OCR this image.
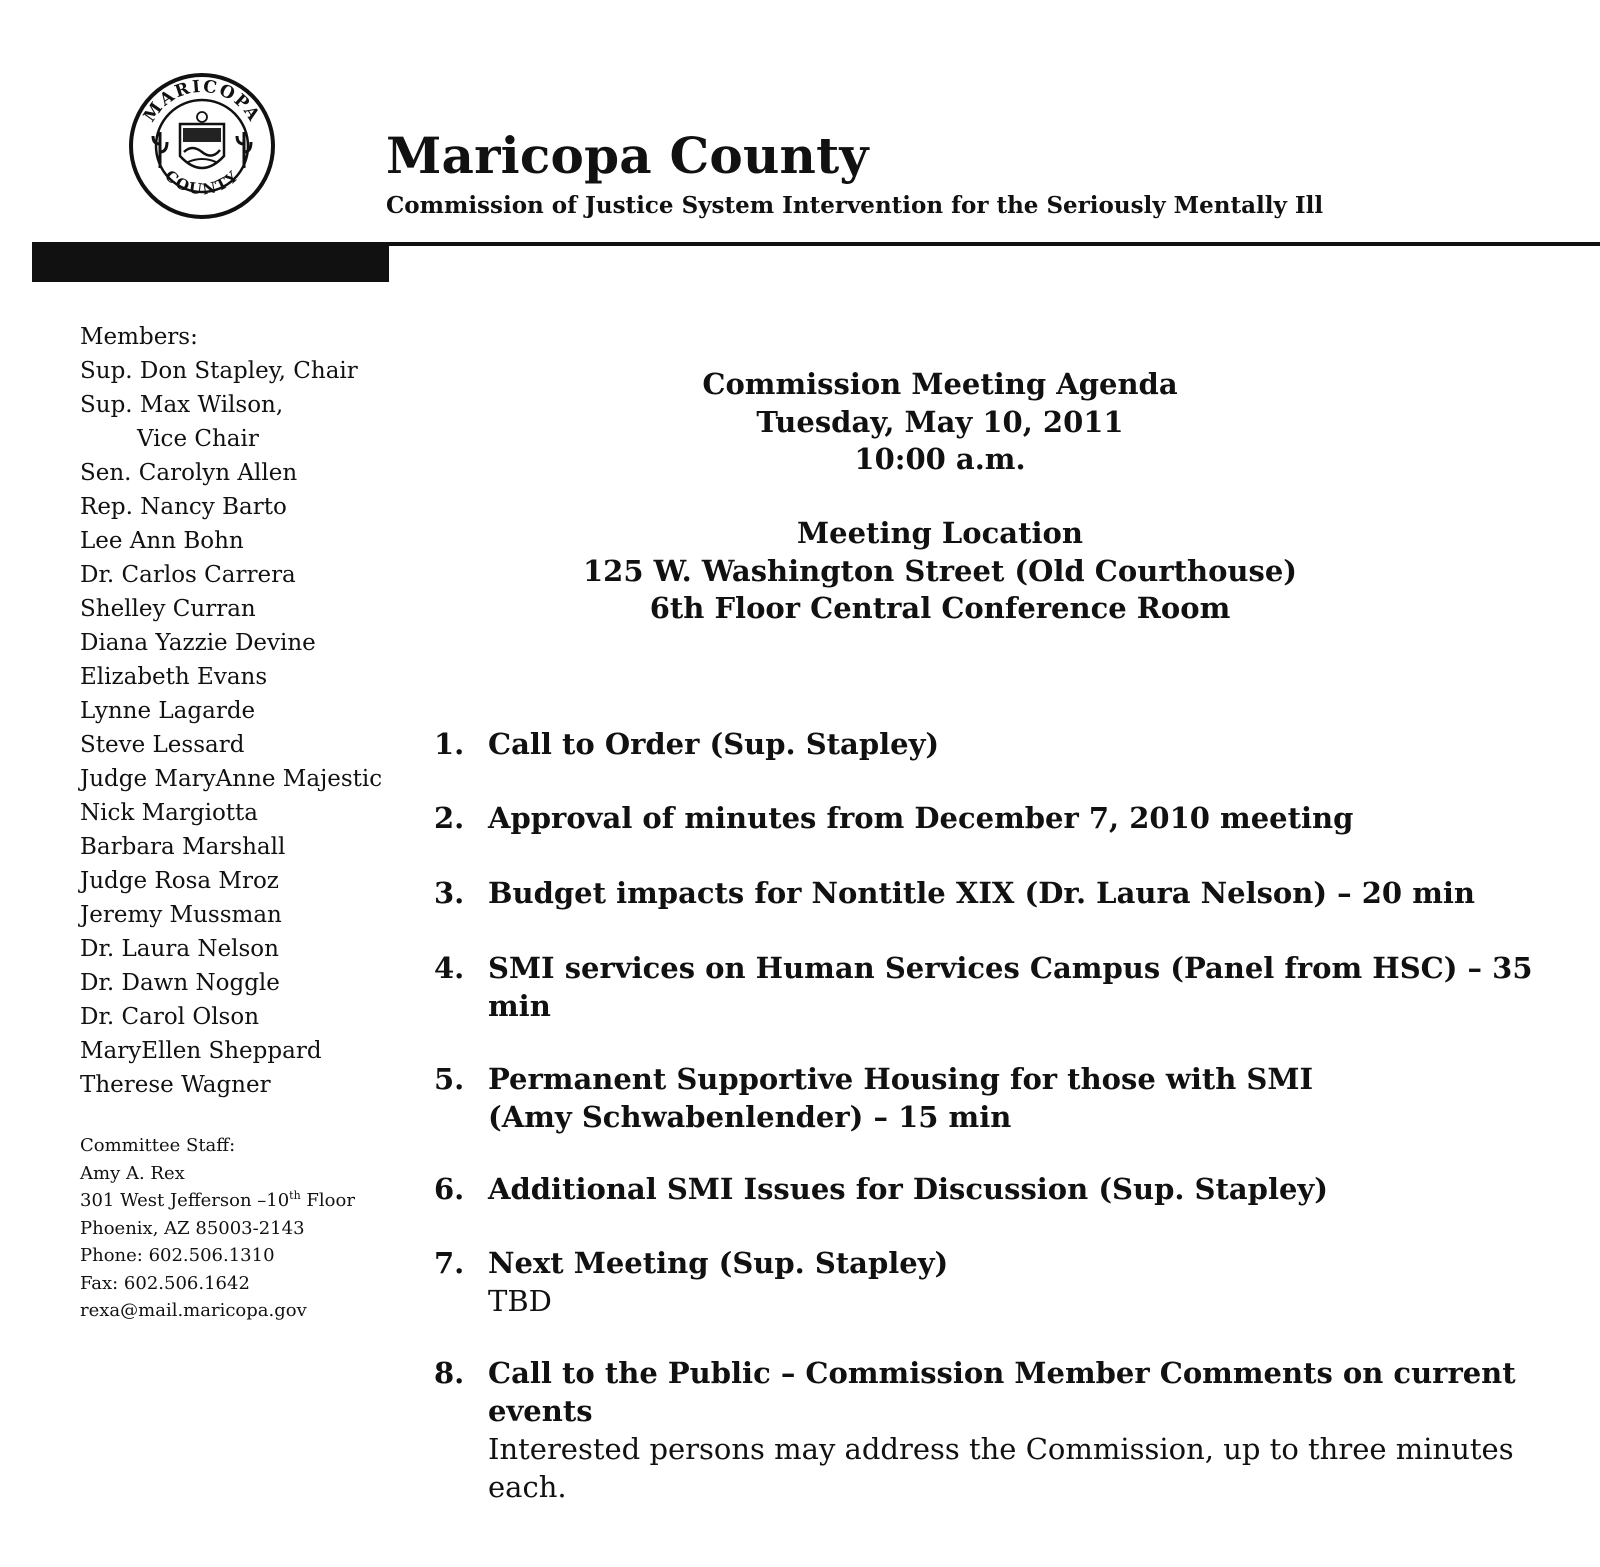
MARICOPA
COUNTY	Maricopa County
Commission of Justice System Intervention for the Seriously Mentally Ill
Members:
Sup. Don Stapley, Chair
Sup. Max Wilson,
Vice Chair
Sen. Carolyn Allen
Rep. Nancy Barto
Lee Ann Bohn
Dr. Carlos Carrera
Shelley Curran
Diana Yazzie Devine
Elizabeth Evans
Lynne Lagarde
Steve Lessard
Judge MaryAnne Majestic
Nick Margiotta
Barbara Marshall
Judge Rosa Mroz
Jeremy Mussman
Dr. Laura Nelson
Dr. Dawn Noggle
Dr. Carol Olson
MaryEllen Sheppard
Therese Wagner
Committee Staff:
Amy A. Rex
301 West Jefferson –10th Floor
Phoenix, AZ 85003-2143
Phone: 602.506.1310
Fax: 602.506.1642
rexa@mail.maricopa.gov
Commission Meeting Agenda
Tuesday, May 10, 2011
10:00 a.m.
Meeting Location
125 W. Washington Street (Old Courthouse)
6th Floor Central Conference Room
1. Call to Order (Sup. Stapley)
2. Approval of minutes from December 7, 2010 meeting
3. Budget impacts for Nontitle XIX (Dr. Laura Nelson) – 20 min
4. SMI services on Human Services Campus (Panel from HSC) – 35 min
5. Permanent Supportive Housing for those with SMI (Amy Schwabenlender) – 15 min
6. Additional SMI Issues for Discussion (Sup. Stapley)
7. Next Meeting (Sup. Stapley)
TBD
8. Call to the Public – Commission Member Comments on current events
Interested persons may address the Commission, up to three minutes each.
